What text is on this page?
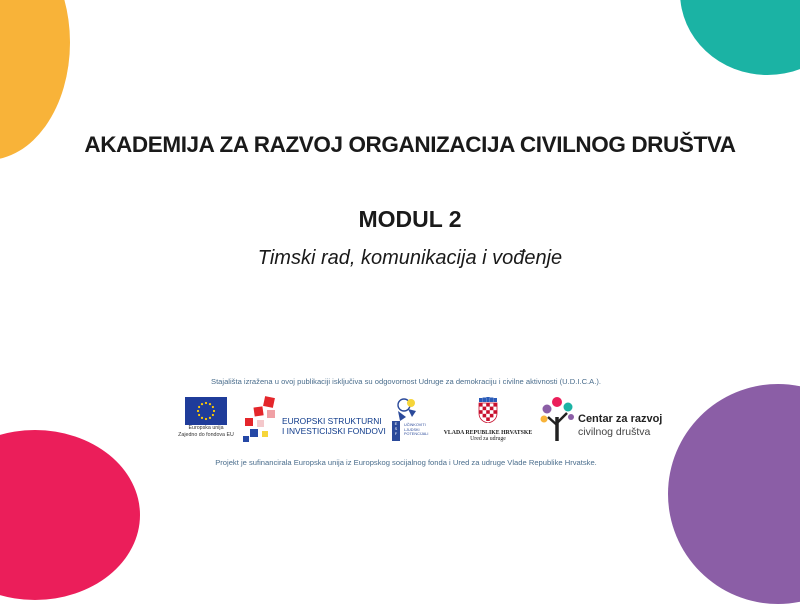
AKADEMIJA ZA RAZVOJ ORGANIZACIJA CIVILNOG DRUŠTVA
MODUL 2
Timski rad, komunikacija i vođenje
Stajališta izražena u ovoj publikaciji isključiva su odgovornost Udruge za demokraciju i civilne aktivnosti (U.D.I.C.A.).
Europska unija
Zajedno do fondova EU
EUROPSKI STRUKTURNI
I INVESTICIJSKI FONDOVI
E
S
F
UČINKOVITI
LJUDSKI
POTENCIJALI	VLADA REPUBLIKE HRVATSKE
Ured za udruge
Centar za razvoj
civilnog društva
Projekt je sufinancirala Europska unija iz Europskog socijalnog fonda i Ured za udruge Vlade Republike Hrvatske.
